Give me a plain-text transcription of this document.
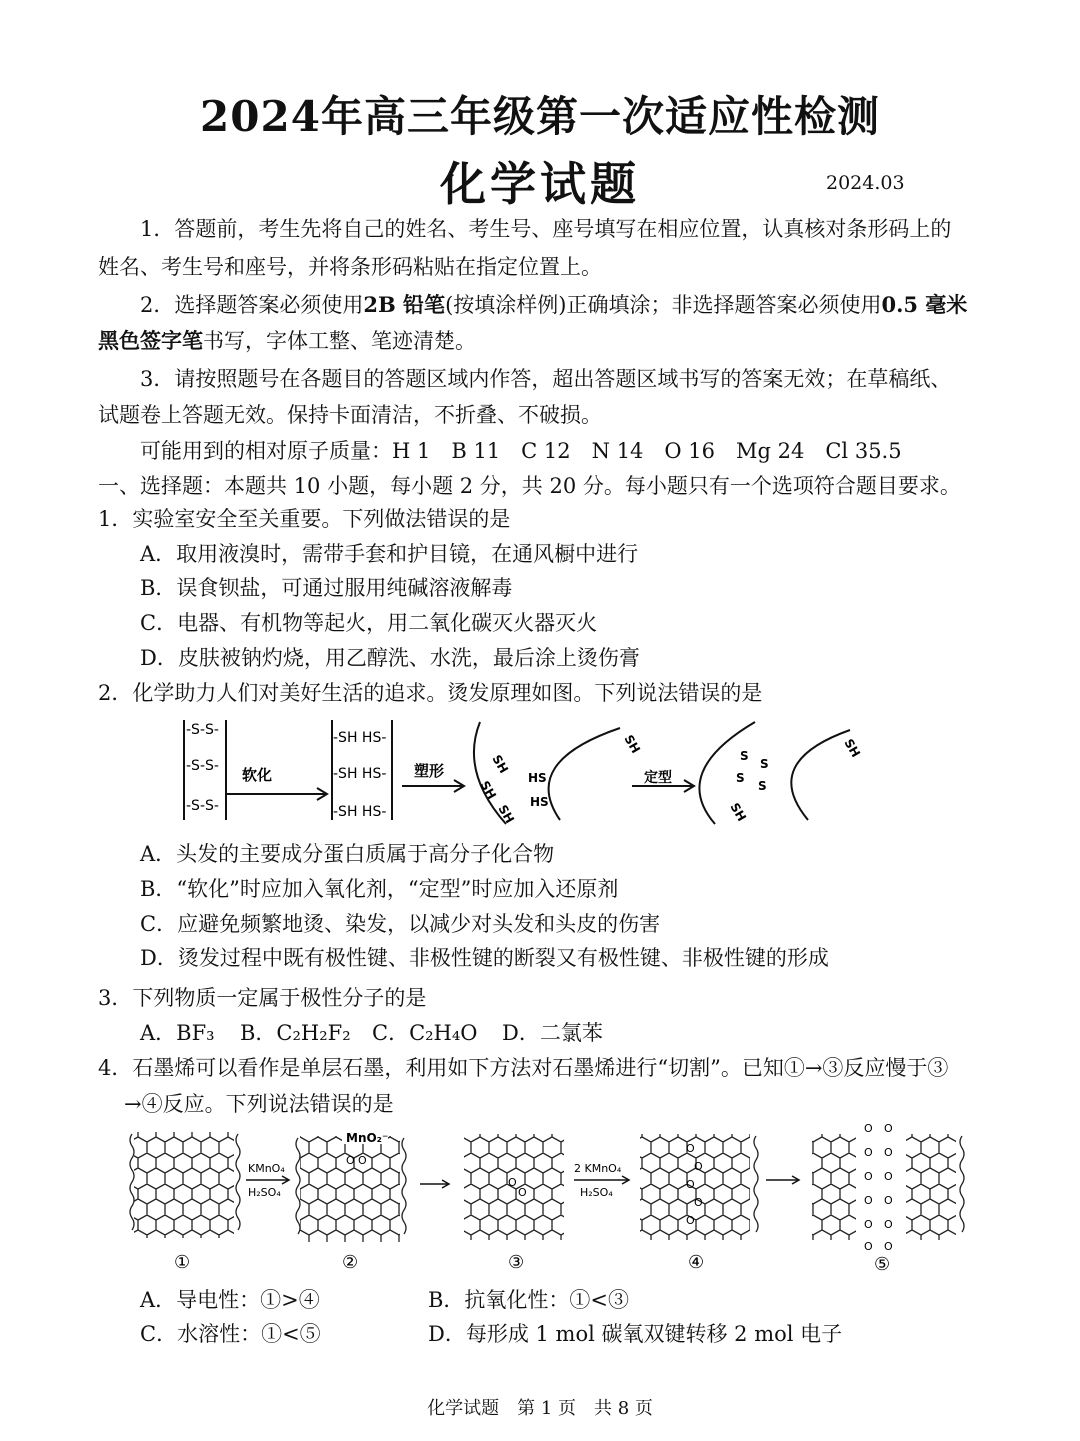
2024年高三年级第一次适应性检测
化学试题	2024.03
1．答题前，考生先将自己的姓名、考生号、座号填写在相应位置，认真核对条形码上的
姓名、考生号和座号，并将条形码粘贴在指定位置上。
2．选择题答案必须使用2B 铅笔(按填涂样例)正确填涂；非选择题答案必须使用0.5 毫米
黑色签字笔书写，字体工整、笔迹清楚。
3．请按照题号在各题目的答题区域内作答，超出答题区域书写的答案无效；在草稿纸、
试题卷上答题无效。保持卡面清洁，不折叠、不破损。
可能用到的相对原子质量：H 1　B 11　C 12　N 14　O 16　Mg 24　Cl 35.5
一、选择题：本题共 10 小题，每小题 2 分，共 20 分。每小题只有一个选项符合题目要求。
1．实验室安全至关重要。下列做法错误的是
A．取用液溴时，需带手套和护目镜，在通风橱中进行
B．误食钡盐，可通过服用纯碱溶液解毒
C．电器、有机物等起火，用二氧化碳灭火器灭火
D．皮肤被钠灼烧，用乙醇洗、水洗，最后涂上烫伤膏
2．化学助力人们对美好生活的追求。烫发原理如图。下列说法错误的是
-S-S-
-S-S-
-S-S-
软化
-SH HS-
-SH HS-
-SH HS-
塑形	SH
SH
SH
HS
HS
SH
定型
S
S
S
S
SH
SH
A．头发的主要成分蛋白质属于高分子化合物
B．“软化”时应加入氧化剂，“定型”时应加入还原剂
C．应避免频繁地烫、染发，以减少对头发和头皮的伤害
D．烫发过程中既有极性键、非极性键的断裂又有极性键、非极性键的形成
3．下列物质一定属于极性分子的是
A．BF₃ B．C₂H₂F₂ C．C₂H₄O D．二氯苯
4．石墨烯可以看作是单层石墨，利用如下方法对石墨烯进行“切割”。已知①→③反应慢于③
→④反应。下列说法错误的是
KMnO₄
H₂SO₄
MnO₂⁻
O O
O
O
2 KMnO₄
H₂SO₄
O
O
O
O
O
O O
O O
O O
O O
O O
O O
①	②	③	④	⑤
A．导电性：①>④	B．抗氧化性：①<③
C．水溶性：①<⑤	D．每形成 1 mol 碳氧双键转移 2 mol 电子
化学试题　第 1 页　共 8 页
